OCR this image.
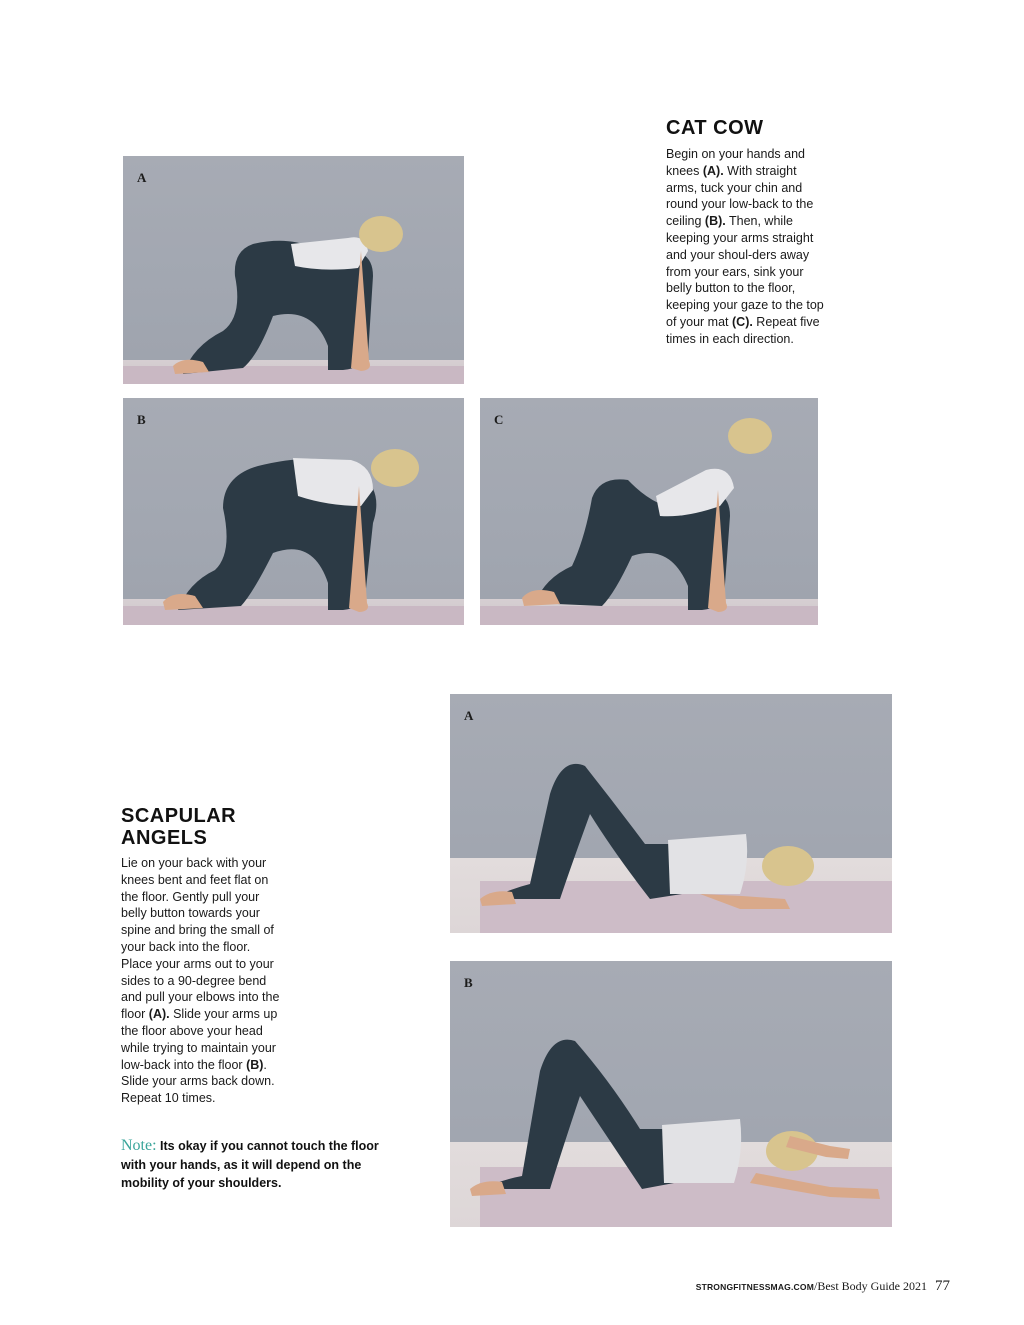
A
B	C
CAT COW
Begin on your hands and knees (A). With straight arms, tuck your chin and round your low-back to the ceiling (B). Then, while keeping your arms straight and your shoul-ders away from your ears, sink your belly button to the floor, keeping your gaze to the top of your mat (C). Repeat five times in each direction.
A
B
SCAPULAR
ANGELS
Lie on your back with your knees bent and feet flat on the floor. Gently pull your belly button towards your spine and bring the small of your back into the floor. Place your arms out to your sides to a 90-degree bend and pull your elbows into the floor (A). Slide your arms up the floor above your head while trying to maintain your low-back into the floor (B). Slide your arms back down. Repeat 10 times.
Note: Its okay if you cannot touch the floor with your hands, as it will depend on the mobility of your shoulders.
STRONGFITNESSMAG.COM/Best Body Guide 2021 77
